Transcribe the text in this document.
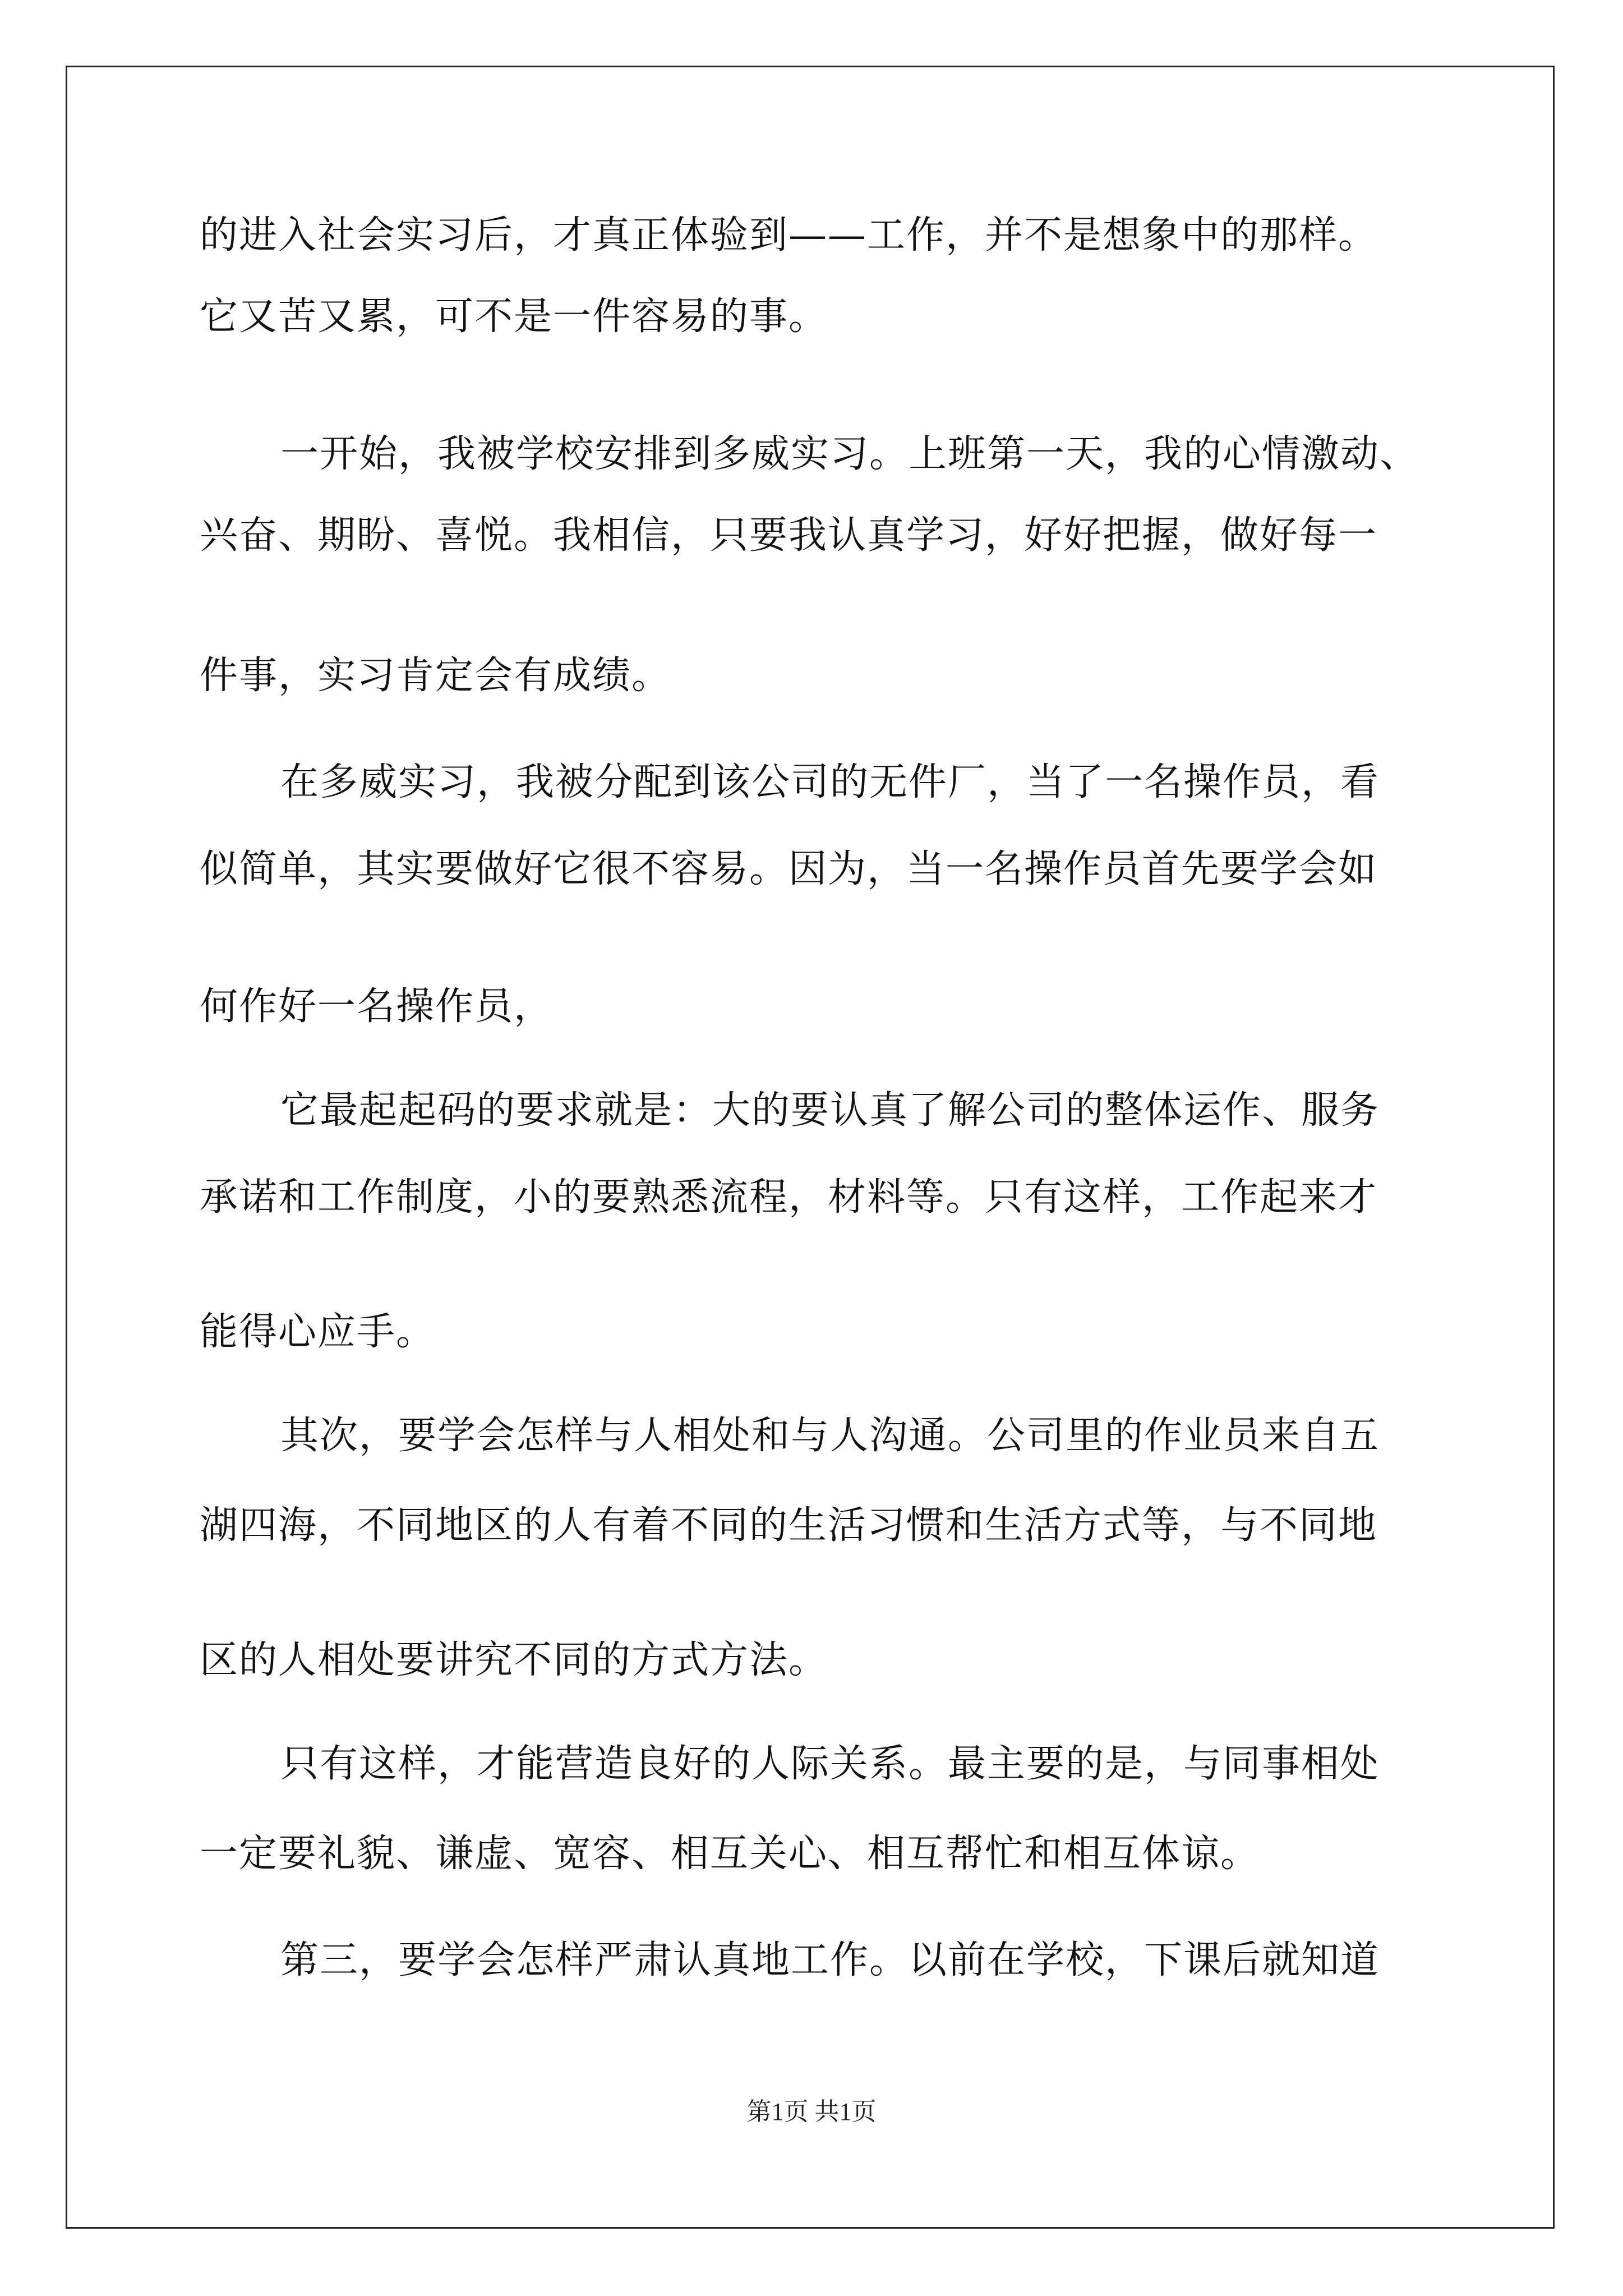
的进入社会实习后，才真正体验到——工作，并不是想象中的那样。

它又苦又累，可不是一件容易的事。

一开始，我被学校安排到多威实习。上班第一天，我的心情激动、

兴奋、期盼、喜悦。我相信，只要我认真学习，好好把握，做好每一

件事，实习肯定会有成绩。

在多威实习，我被分配到该公司的无件厂，当了一名操作员，看

似简单，其实要做好它很不容易。因为，当一名操作员首先要学会如

何作好一名操作员，

它最起起码的要求就是：大的要认真了解公司的整体运作、服务

承诺和工作制度，小的要熟悉流程，材料等。只有这样，工作起来才

能得心应手。

其次，要学会怎样与人相处和与人沟通。公司里的作业员来自五

湖四海，不同地区的人有着不同的生活习惯和生活方式等，与不同地

区的人相处要讲究不同的方式方法。

只有这样，才能营造良好的人际关系。最主要的是，与同事相处

一定要礼貌、谦虚、宽容、相互关心、相互帮忙和相互体谅。

第三，要学会怎样严肃认真地工作。以前在学校，下课后就知道

第1页 共1页
